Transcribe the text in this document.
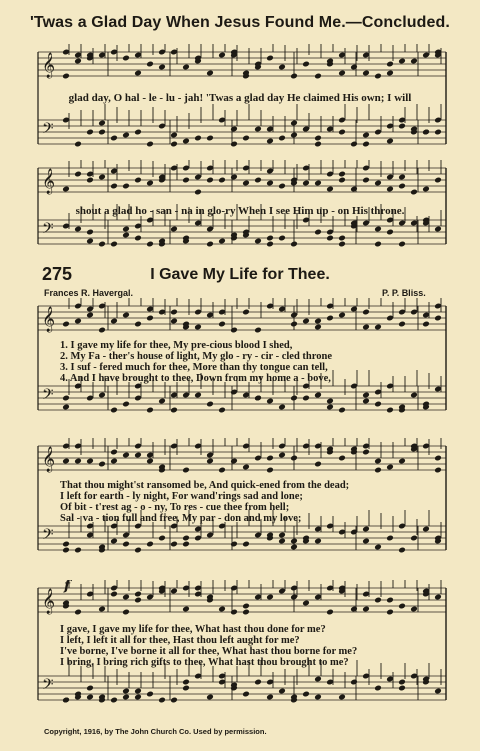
'Twas a Glad Day When Jesus Found Me.—Concluded.
𝄞
𝄢
glad day, O hal - le - lu - jah! 'Twas a glad day He claimed His own; I will
𝄞
𝄢
shout a glad ho - san - na in glo-ry When I see Him up - on His throne.
275	I Gave My Life for Thee.
Frances R. Havergal.	P. P. Bliss.
𝄞
𝄢
1. I gave my life for thee, My pre-cious blood I shed,
2. My Fa - ther's house of light, My glo - ry - cir - cled throne
3. I suf - fered much for thee, More than thy tongue can tell,
4. And I have brought to thee, Down from my home a - bove,
𝄞
𝄢
That thou might'st ransomed be, And quick-ened from the dead;
I left for earth - ly night, For wand'rings sad and lone;
Of bit - t'rest ag - o - ny, To res - cue thee from hell;
Sal - va - tion full and free, My par - don and my love;
𝄞
𝄢
f
I gave, I gave my life for thee, What hast thou done for me?
I left, I left it all for thee, Hast thou left aught for me?
I've borne, I've borne it all for thee, What hast thou borne for me?
I bring, I bring rich gifts to thee, What hast thou brought to me?
Copyright, 1916, by The John Church Co. Used by permission.
